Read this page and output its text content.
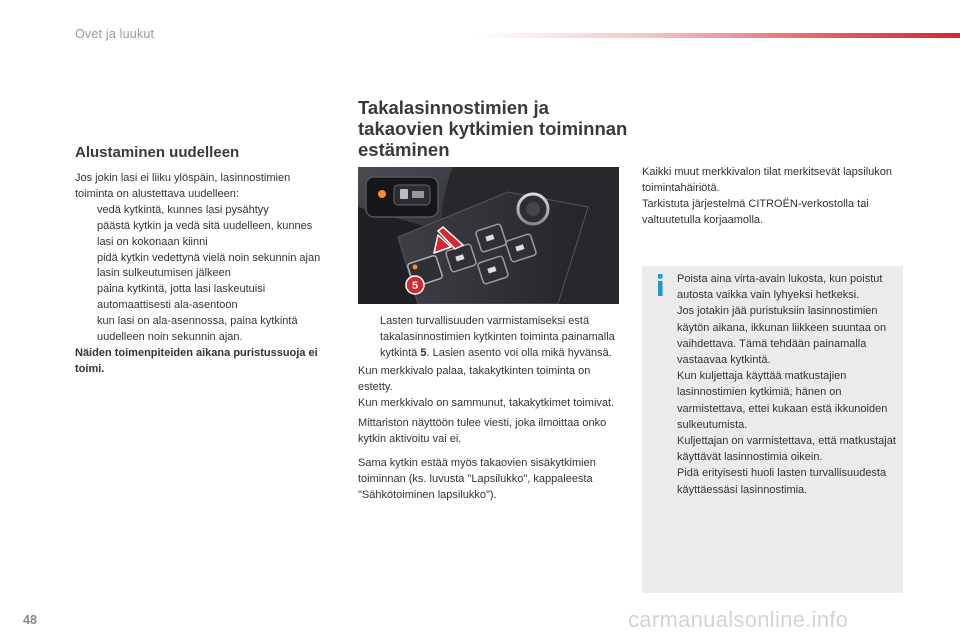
Ovet ja luukut
Alustaminen uudelleen

Jos jokin lasi ei liiku ylöspäin, lasinnostimien toiminta on alustettava uudelleen:

vedä kytkintä, kunnes lasi pysähtyy
päästä kytkin ja vedä sitä uudelleen, kunnes lasi on kokonaan kiinni
pidä kytkin vedettynä vielä noin sekunnin ajan lasin sulkeutumisen jälkeen
paina kytkintä, jotta lasi laskeutuisi automaattisesti ala-asentoon
kun lasi on ala-asennossa, paina kytkintä uudelleen noin sekunnin ajan.

Näiden toimenpiteiden aikana puristussuoja ei toimi.

Takalasinnostimien ja takaovien kytkimien toiminnan estäminen
5
Lasten turvallisuuden varmistamiseksi estä takalasinnostimien kytkinten toiminta painamalla kytkintä 5. Lasien asento voi olla mikä hyvänsä.

Kun merkkivalo palaa, takakytkinten toiminta on estetty.
Kun merkkivalo on sammunut, takakytkimet toimivat.

Mittariston näyttöön tulee viesti, joka ilmoittaa onko kytkin aktivoitu vai ei.

Sama kytkin estää myös takaovien sisäkytkimien toiminnan (ks. luvusta "Lapsilukko", kappaleesta "Sähkötoiminen lapsilukko").

Kaikki muut merkkivalon tilat merkitsevät lapsilukon toimintahäiriötä.

Tarkistuta järjestelmä CITROËN-verkostolla tai valtuutetulla korjaamolla.

Poista aina virta-avain lukosta, kun poistut autosta vaikka vain lyhyeksi hetkeksi.
Jos jotakin jää puristuksiin lasinnostimien käytön aikana, ikkunan liikkeen suuntaa on vaihdettava. Tämä tehdään painamalla vastaavaa kytkintä.
Kun kuljettaja käyttää matkustajien lasinnostimien kytkimiä, hänen on varmistettava, ettei kukaan estä ikkunoiden sulkeutumista.
Kuljettajan on varmistettava, että matkustajat käyttävät lasinnostimia oikein.
Pidä erityisesti huoli lasten turvallisuudesta käyttäessäsi lasinnostimia.

48	carmanualsonline.info
